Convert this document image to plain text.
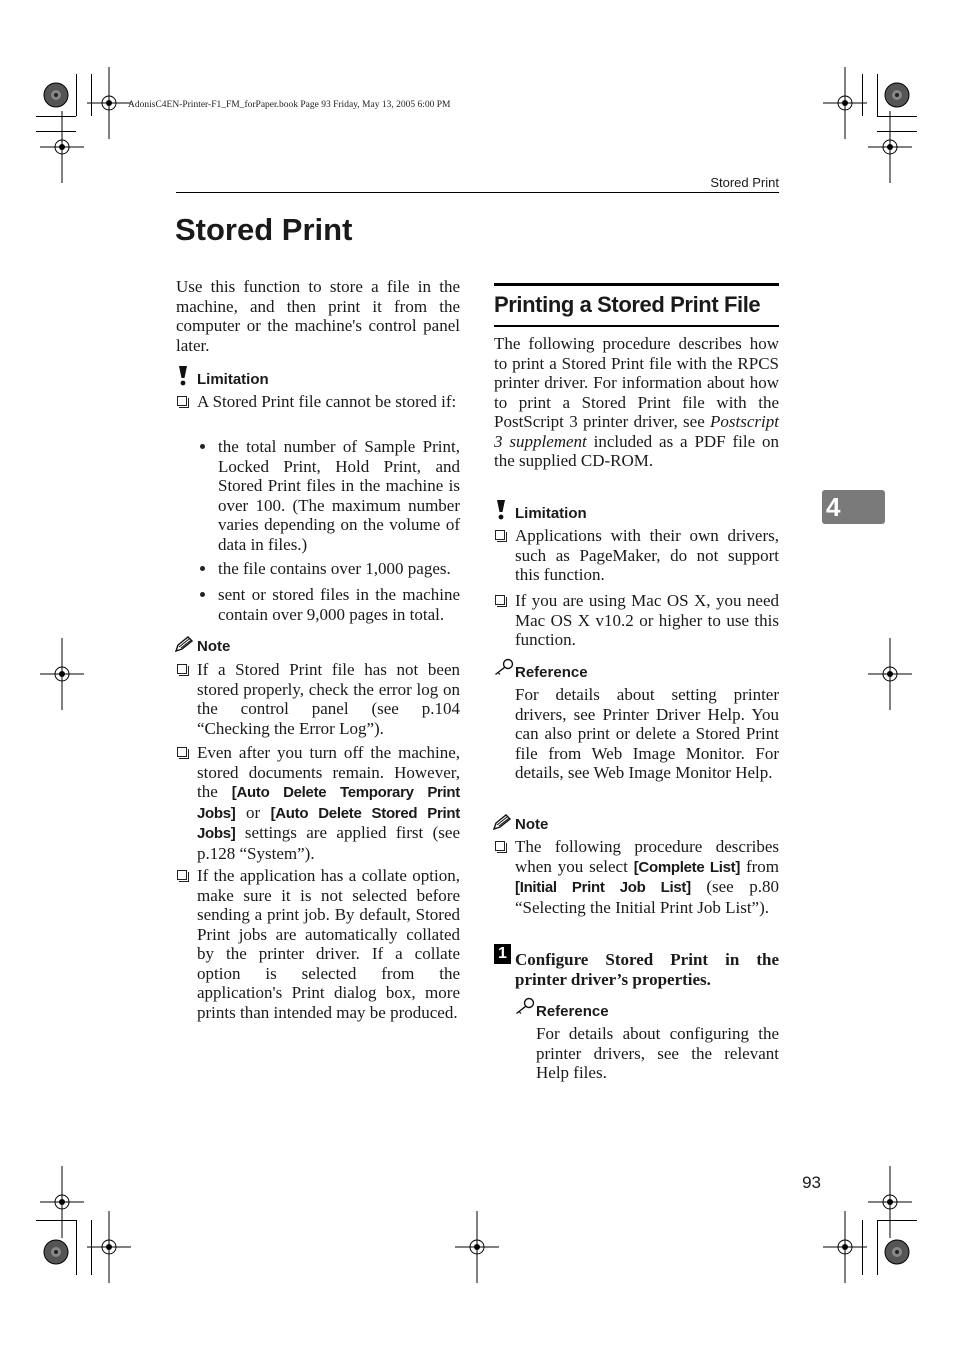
AdonisC4EN-Printer-F1_FM_forPaper.book Page 93 Friday, May 13, 2005 6:00 PM
Stored Print
Stored Print
4
Use this function to store a file in the machine, and then print it from the computer or the machine's control panel later.
Limitation
A Stored Print file cannot be stored if:
the total number of Sample Print, Locked Print, Hold Print, and Stored Print files in the machine is over 100. (The maximum number varies depending on the volume of data in files.)
the file contains over 1,000 pages.
sent or stored files in the machine contain over 9,000 pages in total.
Note
If a Stored Print file has not been stored properly, check the error log on the control panel (see p.104 “Checking the Error Log”).
Even after you turn off the machine, stored documents remain. However, the [Auto Delete Temporary Print Jobs] or [Auto Delete Stored Print Jobs] settings are applied first (see p.128 “System”).
If the application has a collate option, make sure it is not selected before sending a print job. By default, Stored Print jobs are automatically collated by the printer driver. If a collate option is selected from the application's Print dialog box, more prints than intended may be produced.
Printing a Stored Print File
The following procedure describes how to print a Stored Print file with the RPCS printer driver. For information about how to print a Stored Print file with the PostScript 3 printer driver, see Postscript 3 supplement included as a PDF file on the supplied CD-ROM.
Limitation
Applications with their own drivers, such as PageMaker, do not support this function.
If you are using Mac OS X, you need Mac OS X v10.2 or higher to use this function.
Reference
For details about setting printer drivers, see Printer Driver Help. You can also print or delete a Stored Print file from Web Image Monitor. For details, see Web Image Monitor Help.
Note
The following procedure describes when you select [Complete List] from [Initial Print Job List] (see p.80 “Selecting the Initial Print Job List”).
1 Configure Stored Print in the printer driver’s properties.
Reference
For details about configuring the printer drivers, see the relevant Help files.
93
